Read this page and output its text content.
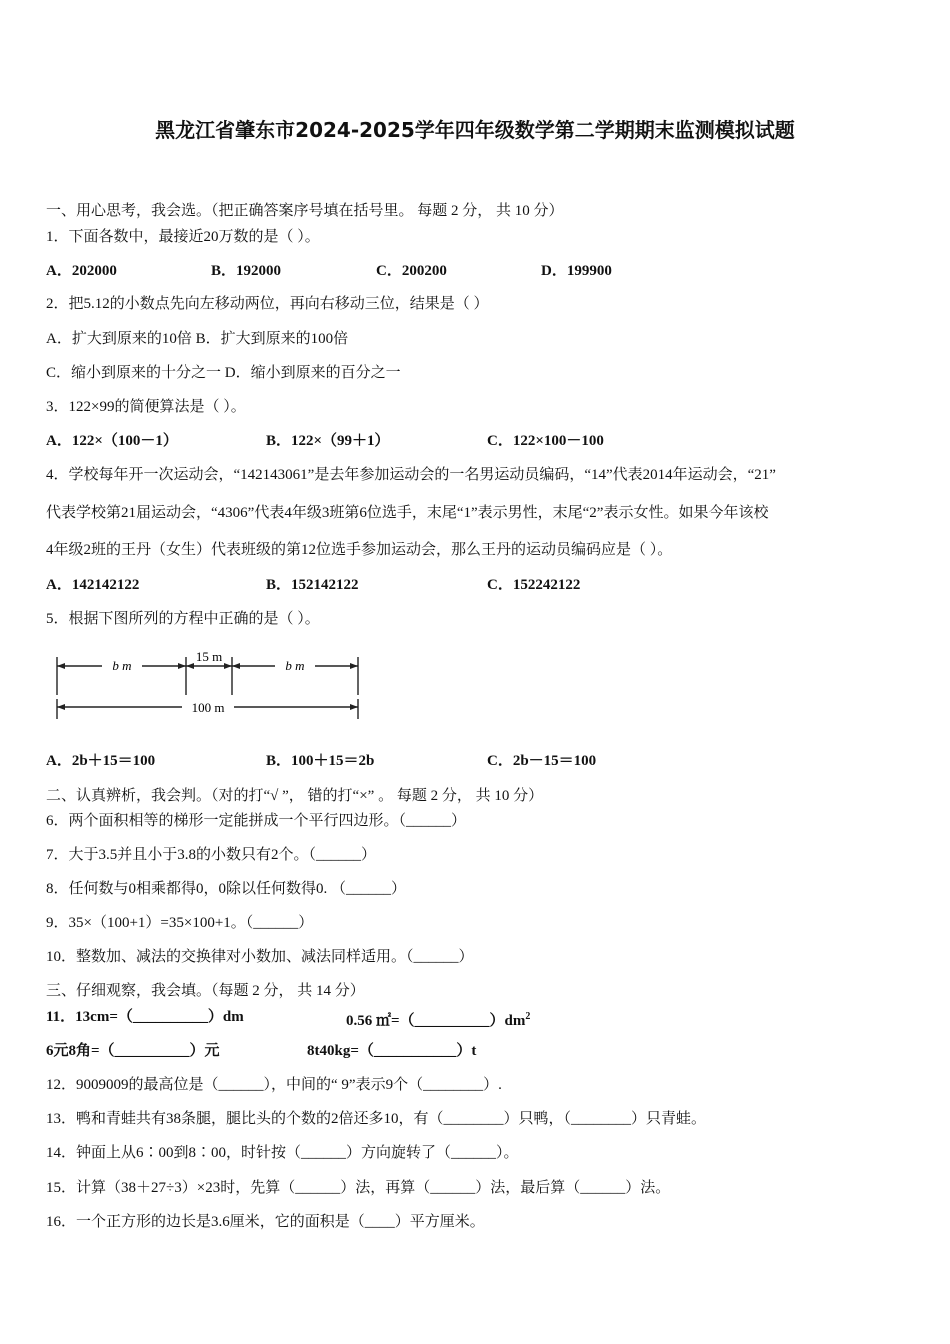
黑龙江省肇东市2024-2025学年四年级数学第二学期期末监测模拟试题
一、用心思考，我会选。（把正确答案序号填在括号里。 每题 2 分， 共 10 分）
1．下面各数中，最接近20万数的是（ ）。
A．202000	B．192000	C．200200	D．199900
2．把5.12的小数点先向左移动两位，再向右移动三位，结果是（ ）
A．扩大到原来的10倍 B．扩大到原来的100倍
C．缩小到原来的十分之一 D．缩小到原来的百分之一
3．122×99的简便算法是（ ）。
A．122×（100－1）	B．122×（99＋1）	C．122×100－100
4．学校每年开一次运动会，“142143061”是去年参加运动会的一名男运动员编码，“14”代表2014年运动会，“21”
代表学校第21届运动会，“4306”代表4年级3班第6位选手，末尾“1”表示男性，末尾“2”表示女性。如果今年该校
4年级2班的王丹（女生）代表班级的第12位选手参加运动会，那么王丹的运动员编码应是（ ）。
A．142142122	B．152142122	C．152242122
5．根据下图所列的方程中正确的是（ ）。
b m
15 m
b m
100 m
A．2b＋15＝100	B．100＋15＝2b	C．2b－15＝100
二、认真辨析，我会判。（对的打“√ ”， 错的打“×” 。 每题 2 分， 共 10 分）
6．两个面积相等的梯形一定能拼成一个平行四边形。（______）
7．大于3.5并且小于3.8的小数只有2个。（______）
8．任何数与0相乘都得0，0除以任何数得0. （______）
9．35×（100+1）=35×100+1。（______）
10．整数加、减法的交换律对小数加、减法同样适用。（______）
三、仔细观察，我会填。（每题 2 分， 共 14 分）
11．13cm=（__________）dm	0.56 $㎡=(\_\_\_\_\_\_\_\_\_\_)dm^2$
6元8角=（__________）元	8t40kg=（___________）t
12．9009009的最高位是（______），中间的“ 9”表示9个（________）.
13．鸭和青蛙共有38条腿，腿比头的个数的2倍还多10，有（________）只鸭，（________）只青蛙。
14．钟面上从6∶00到8∶00，时针按（______）方向旋转了（______）。
15．计算（38＋27÷3）×23时，先算（______）法，再算（______）法，最后算（______）法。
16．一个正方形的边长是3.6厘米，它的面积是（____）平方厘米。
